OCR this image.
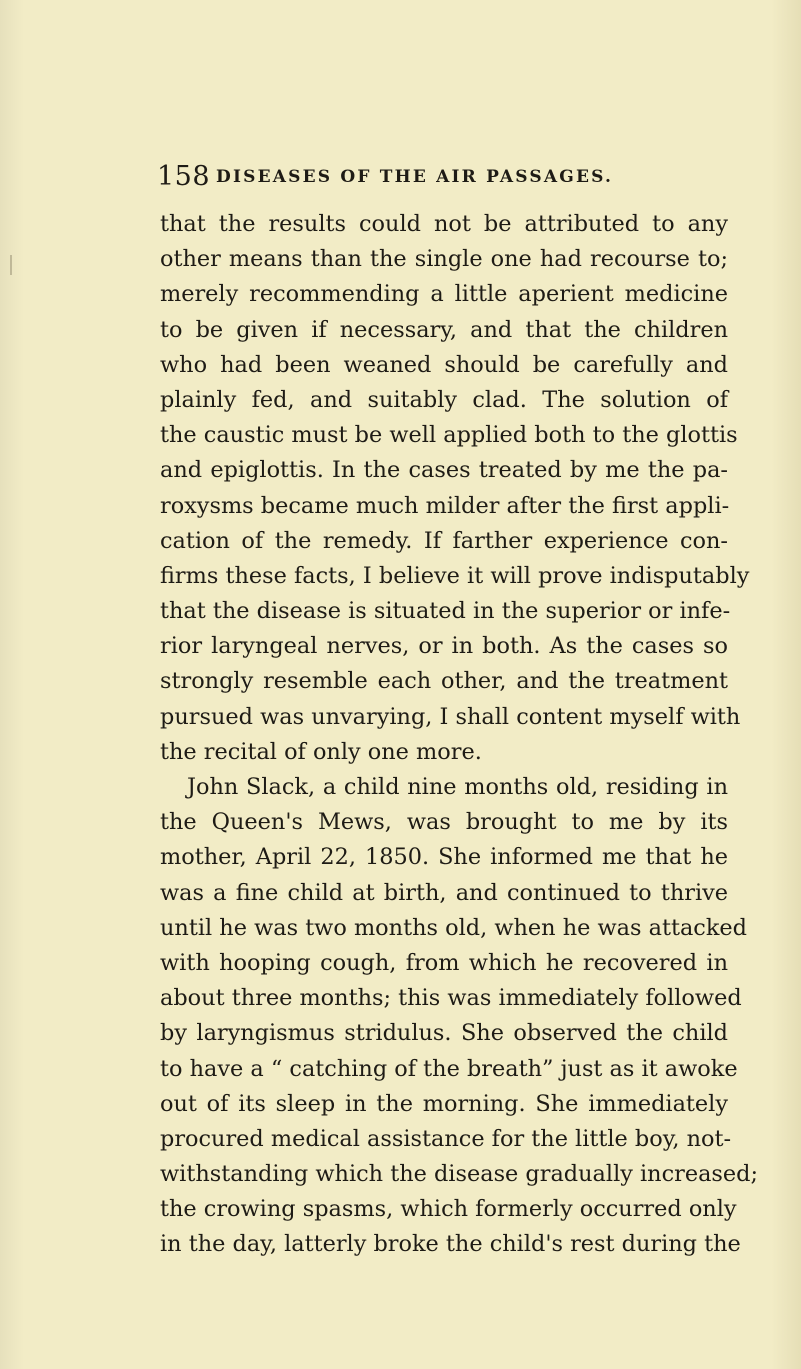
158 DISEASES OF THE AIR PASSAGES.
that the results could not be attributed to any
other means than the single one had recourse to;
merely recommending a little aperient medicine
to be given if necessary, and that the children
who had been weaned should be carefully and
plainly fed, and suitably clad. The solution of
the caustic must be well applied both to the glottis
and epiglottis. In the cases treated by me the pa-
roxysms became much milder after the first appli-
cation of the remedy. If farther experience con-
firms these facts, I believe it will prove indisputably
that the disease is situated in the superior or infe-
rior laryngeal nerves, or in both. As the cases so
strongly resemble each other, and the treatment
pursued was unvarying, I shall content myself with
the recital of only one more.
John Slack, a child nine months old, residing in
the Queen's Mews, was brought to me by its
mother, April 22, 1850. She informed me that he
was a fine child at birth, and continued to thrive
until he was two months old, when he was attacked
with hooping cough, from which he recovered in
about three months; this was immediately followed
by laryngismus stridulus. She observed the child
to have a “ catching of the breath” just as it awoke
out of its sleep in the morning. She immediately
procured medical assistance for the little boy, not-
withstanding which the disease gradually increased;
the crowing spasms, which formerly occurred only
in the day, latterly broke the child's rest during the
